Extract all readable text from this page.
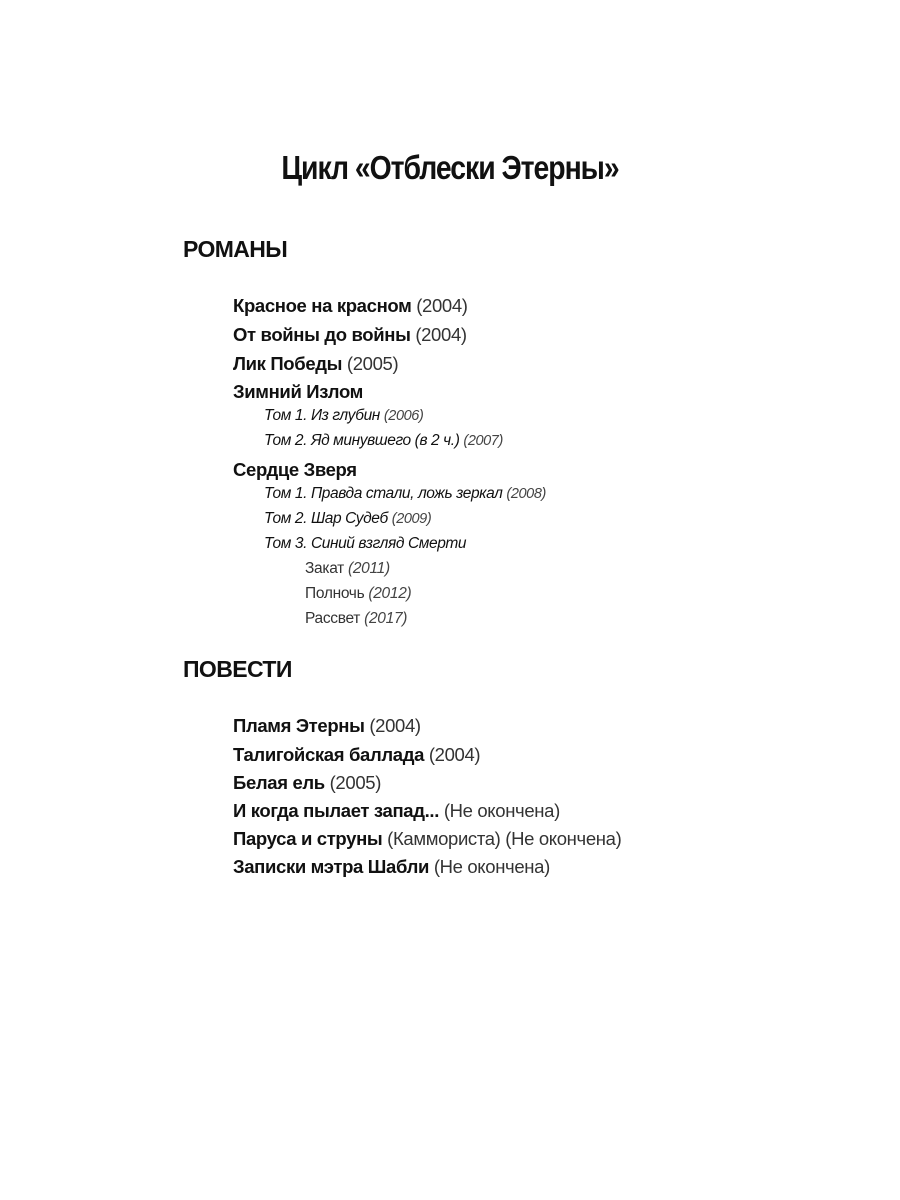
Цикл «Отблески Этерны»
РОМАНЫ
Красное на красном (2004)
От войны до войны (2004)
Лик Победы (2005)
Зимний Излом
Том 1. Из глубин (2006)
Том 2. Яд минувшего (в 2 ч.) (2007)
Сердце Зверя
Том 1. Правда стали, ложь зеркал (2008)
Том 2. Шар Судеб (2009)
Том 3. Синий взгляд Смерти
Закат (2011)
Полночь (2012)
Рассвет (2017)
ПОВЕСТИ
Пламя Этерны (2004)
Талигойская баллада (2004)
Белая ель (2005)
И когда пылает запад... (Не окончена)
Паруса и струны (Каммориста) (Не окончена)
Записки мэтра Шабли (Не окончена)
